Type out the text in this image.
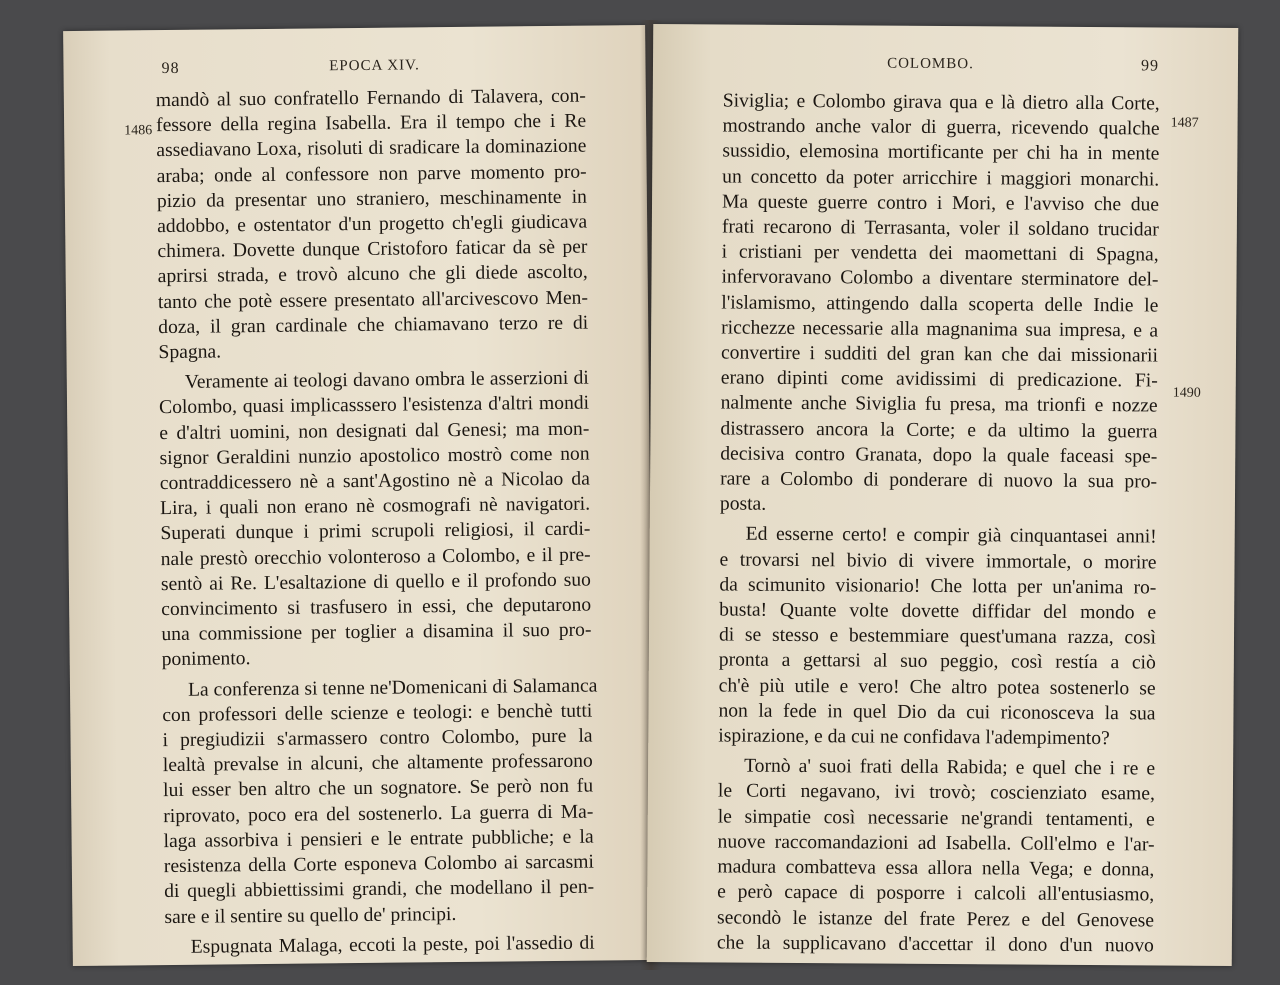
98	EPOCA XIV.
1486
mandò al suo confratello Fernando di Talavera, con-
fessore della regina Isabella. Era il tempo che i Re
assediavano Loxa, risoluti di sradicare la dominazione
araba; onde al confessore non parve momento pro-
pizio da presentar uno straniero, meschinamente in
addobbo, e ostentator d'un progetto ch'egli giudicava
chimera. Dovette dunque Cristoforo faticar da sè per
aprirsi strada, e trovò alcuno che gli diede ascolto,
tanto che potè essere presentato all'arcivescovo Men-
doza, il gran cardinale che chiamavano terzo re di
Spagna.
Veramente ai teologi davano ombra le asserzioni di
Colombo, quasi implicasssero l'esistenza d'altri mondi
e d'altri uomini, non designati dal Genesi; ma mon-
signor Geraldini nunzio apostolico mostrò come non
contraddicessero nè a sant'Agostino nè a Nicolao da
Lira, i quali non erano nè cosmografi nè navigatori.
Superati dunque i primi scrupoli religiosi, il cardi-
nale prestò orecchio volonteroso a Colombo, e il pre-
sentò ai Re. L'esaltazione di quello e il profondo suo
convincimento si trasfusero in essi, che deputarono
una commissione per toglier a disamina il suo pro-
ponimento.
La conferenza si tenne ne'Domenicani di Salamanca
con professori delle scienze e teologi: e benchè tutti
i pregiudizii s'armassero contro Colombo, pure la
lealtà prevalse in alcuni, che altamente professarono
lui esser ben altro che un sognatore. Se però non fu
riprovato, poco era del sostenerlo. La guerra di Ma-
laga assorbiva i pensieri e le entrate pubbliche; e la
resistenza della Corte esponeva Colombo ai sarcasmi
di quegli abbiettissimi grandi, che modellano il pen-
sare e il sentire su quello de' principi.
Espugnata Malaga, eccoti la peste, poi l'assedio di
COLOMBO.	99
1487
1490
Siviglia; e Colombo girava qua e là dietro alla Corte,
mostrando anche valor di guerra, ricevendo qualche
sussidio, elemosina mortificante per chi ha in mente
un concetto da poter arricchire i maggiori monarchi.
Ma queste guerre contro i Mori, e l'avviso che due
frati recarono di Terrasanta, voler il soldano trucidar
i cristiani per vendetta dei maomettani di Spagna,
infervoravano Colombo a diventare sterminatore del-
l'islamismo, attingendo dalla scoperta delle Indie le
ricchezze necessarie alla magnanima sua impresa, e a
convertire i sudditi del gran kan che dai missionarii
erano dipinti come avidissimi di predicazione. Fi-
nalmente anche Siviglia fu presa, ma trionfi e nozze
distrassero ancora la Corte; e da ultimo la guerra
decisiva contro Granata, dopo la quale faceasi spe-
rare a Colombo di ponderare di nuovo la sua pro-
posta.
Ed esserne certo! e compir già cinquantasei anni!
e trovarsi nel bivio di vivere immortale, o morire
da scimunito visionario! Che lotta per un'anima ro-
busta! Quante volte dovette diffidar del mondo e
di se stesso e bestemmiare quest'umana razza, così
pronta a gettarsi al suo peggio, così restía a ciò
ch'è più utile e vero! Che altro potea sostenerlo se
non la fede in quel Dio da cui riconosceva la sua
ispirazione, e da cui ne confidava l'adempimento?
Tornò a' suoi frati della Rabida; e quel che i re e
le Corti negavano, ivi trovò; coscienziato esame,
le simpatie così necessarie ne'grandi tentamenti, e
nuove raccomandazioni ad Isabella. Coll'elmo e l'ar-
madura combatteva essa allora nella Vega; e donna,
e però capace di posporre i calcoli all'entusiasmo,
secondò le istanze del frate Perez e del Genovese
che la supplicavano d'accettar il dono d'un nuovo
